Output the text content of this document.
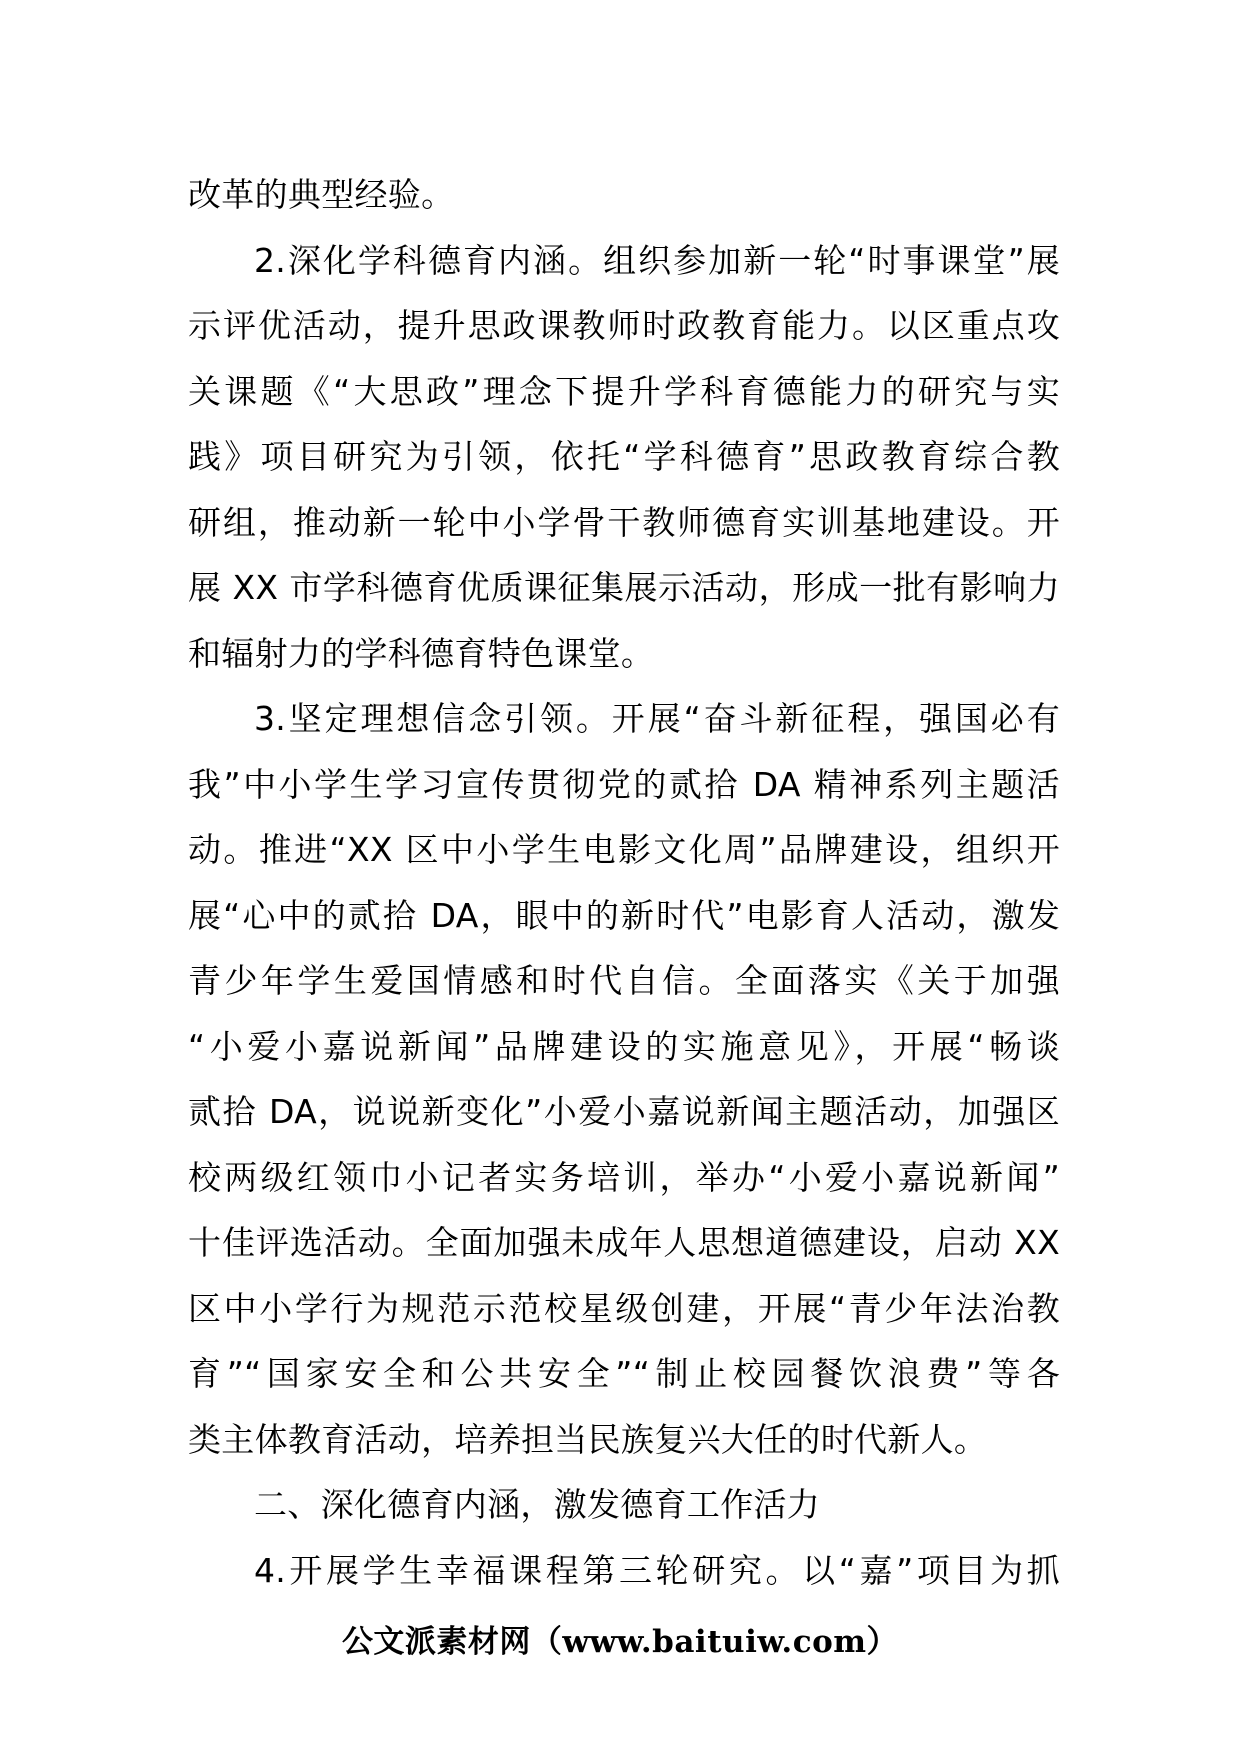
改革的典型经验。
2.深化学科德育内涵。组织参加新一轮“时事课堂”展
示评优活动，提升思政课教师时政教育能力。以区重点攻
关课题《“大思政”理念下提升学科育德能力的研究与实
践》项目研究为引领，依托“学科德育”思政教育综合教
研组，推动新一轮中小学骨干教师德育实训基地建设。开
展 XX 市学科德育优质课征集展示活动，形成一批有影响力
和辐射力的学科德育特色课堂。
3.坚定理想信念引领。开展“奋斗新征程，强国必有
我”中小学生学习宣传贯彻党的贰拾 DA 精神系列主题活
动。推进“XX 区中小学生电影文化周”品牌建设，组织开
展“心中的贰拾 DA，眼中的新时代”电影育人活动，激发
青少年学生爱国情感和时代自信。全面落实《关于加强
“小爱小嘉说新闻”品牌建设的实施意见》，开展“畅谈
贰拾 DA，说说新变化”小爱小嘉说新闻主题活动，加强区
校两级红领巾小记者实务培训，举办“小爱小嘉说新闻”
十佳评选活动。全面加强未成年人思想道德建设，启动 XX
区中小学行为规范示范校星级创建，开展“青少年法治教
育”“国家安全和公共安全”“制止校园餐饮浪费”等各
类主体教育活动，培养担当民族复兴大任的时代新人。
二、深化德育内涵，激发德育工作活力
4.开展学生幸福课程第三轮研究。以“嘉”项目为抓
公文派素材网（www.baituiw.com）
